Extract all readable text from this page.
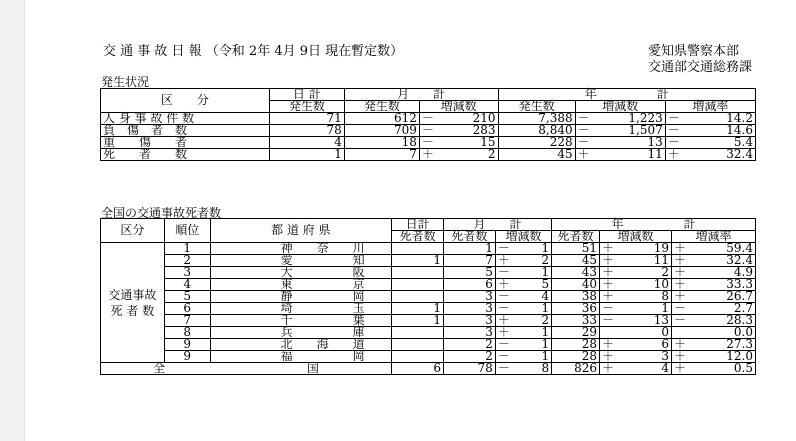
交 通 事 故 日 報 （令和 2年 4月 9日 現在暫定数）	愛知県警察本部
交通部交通総務課
発生状況
区　　分	日 計	月　　計			年　　　　　計				
	発生数	発生数	増減数		発生数	増減数		増減率	
人 身 事 故 件 数	71	612	－	210	7,388	－	1,223	－	14.2
負　傷　者　数	78	709	－	283	8,840	－	1,507	－	14.6
重　　傷　　者	4	18	－	15	228	－	13	－	5.4
死　　者　　数	1	7	＋	2	45	＋	11	＋	32.4
全国の交通事故死者数
区分	順位	都 道 府 県	日計	月　　計			年　　　　　計				
			死者数	死者数	増減数		死者数	増減数		増減率	

交通事故
死 者 数	1	神　　奈　　川		1	－	1	51	＋	19	＋	59.4
	2	愛　　　　　知	1	7	＋	2	45	＋	11	＋	32.4
	3	大　　　　　阪		5	－	1	43	＋	2	＋	4.9
	4	東　　　　　京		6	＋	5	40	＋	10	＋	33.3
	5	静　　　　　岡		3	－	4	38	＋	8	＋	26.7
	6	埼　　　　　玉	1	3	－	1	36	－	1	－	2.7
	7	千　　　　　葉	1	3	＋	2	33	－	13	－	28.3
	8	兵　　　　　庫		3	＋	1	29		0		0.0
	9	北　　海　　道		2	－	1	28	＋	6	＋	27.3
	9	福　　　　　岡		2	－	1	28	＋	3	＋	12.0
全 国			6	78	－	8	826	＋	4	＋	0.5
